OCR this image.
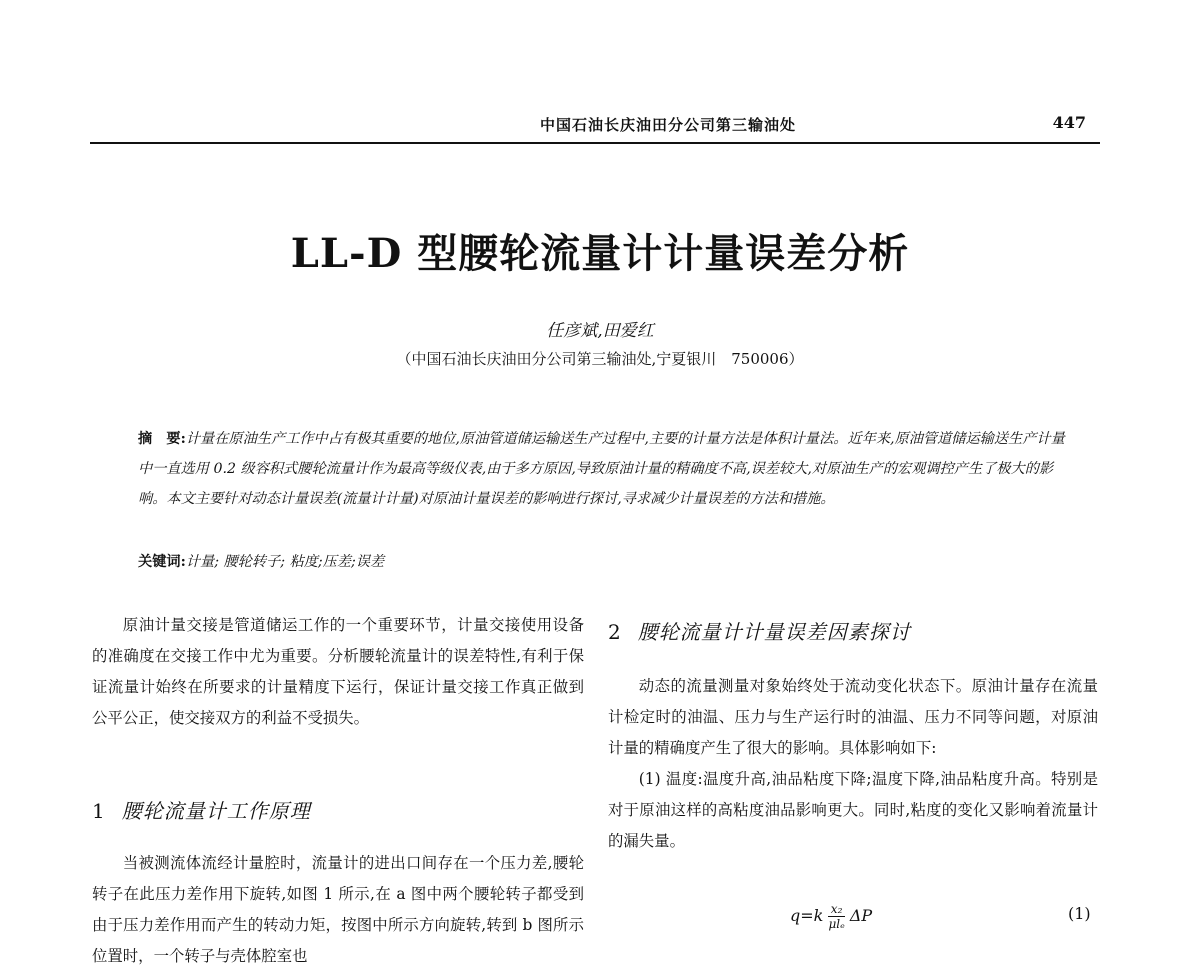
中国石油长庆油田分公司第三输油处	447
LL-D 型腰轮流量计计量误差分析
任彦斌,田爱红
（中国石油长庆油田分公司第三输油处,宁夏银川　750006）
摘　要:计量在原油生产工作中占有极其重要的地位,原油管道储运输送生产过程中,主要的计量方法是体积计量法。近年来,原油管道储运输送生产计量中一直选用 0.2 级容积式腰轮流量计作为最高等级仪表,由于多方原因,导致原油计量的精确度不高,误差较大,对原油生产的宏观调控产生了极大的影响。本文主要针对动态计量误差(流量计计量)对原油计量误差的影响进行探讨,寻求减少计量误差的方法和措施。
关键词:计量; 腰轮转子; 粘度;压差;误差

原油计量交接是管道储运工作的一个重要环节，计量交接使用设备的准确度在交接工作中尤为重要。分析腰轮流量计的误差特性,有利于保证流量计始终在所要求的计量精度下运行，保证计量交接工作真正做到公平公正，使交接双方的利益不受损失。

1 腰轮流量计工作原理

当被测流体流经计量腔时，流量计的进出口间存在一个压力差,腰轮转子在此压力差作用下旋转,如图 1 所示,在 a 图中两个腰轮转子都受到由于压力差作用而产生的转动力矩，按图中所示方向旋转,转到 b 图所示位置时，一个转子与壳体腔室也

2 腰轮流量计计量误差因素探讨

动态的流量测量对象始终处于流动变化状态下。原油计量存在流量计检定时的油温、压力与生产运行时的油温、压力不同等问题，对原油计量的精确度产生了很大的影响。具体影响如下:

(1) 温度:温度升高,油品粘度下降;温度下降,油品粘度升高。特别是对于原油这样的高粘度油品影响更大。同时,粘度的变化又影响着流量计的漏失量。

$q=k \frac{\text{x₂}}{\text{μlₑ}}$ ΔP	(1)
